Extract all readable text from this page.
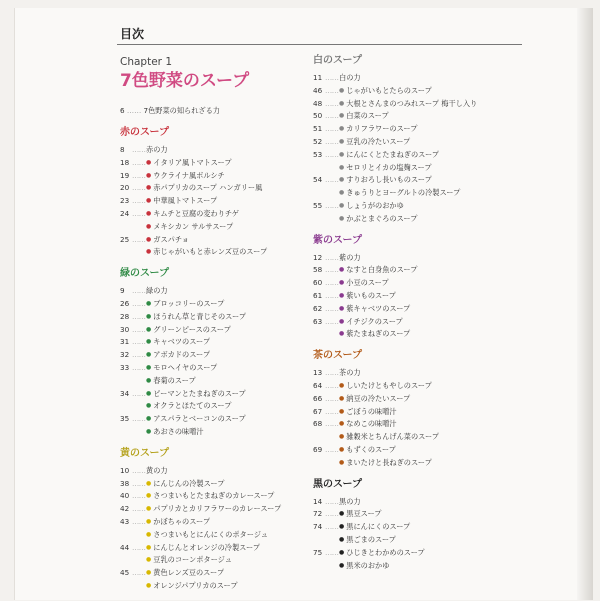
目次
Chapter 1
7色野菜のスープ
6 …… 7色野菜の知られざる力
赤のスープ
8	…… 赤の力
18 …… ● イタリア風トマトスープ
19 …… ● ウクライナ風ボルシチ
20 …… ● 赤パプリカのスープ ハンガリー風
23 …… ● 中華風トマトスープ
24 …… ● キムチと豆腐の変わりチゲ
● メキシカン サルサスープ
25 …… ● ガスパチョ
● 赤じゃがいもと赤レンズ豆のスープ
緑のスープ
9	…… 緑の力
26 …… ● ブロッコリーのスープ
28 …… ● ほうれん草と青じそのスープ
30 …… ● グリーンピースのスープ
31 …… ● キャベツのスープ
32 …… ● アボカドのスープ
33 …… ● モロヘイヤのスープ
● 春菊のスープ
34 …… ● ピーマンとたまねぎのスープ
● オクラとほたてのスープ
35 …… ● アスパラとベーコンのスープ
● あおさの味噌汁
黄のスープ
10 …… 黄の力
38 …… ● にんじんの冷製スープ
40 …… ● さつまいもとたまねぎのカレースープ
42 …… ● パプリカとカリフラワーのカレースープ
43 …… ● かぼちゃのスープ
● さつまいもとにんにくのポタージュ
44 …… ● にんじんとオレンジの冷製スープ
● 豆乳のコーンポタージュ
45 …… ● 黄色レンズ豆のスープ
● オレンジパプリカのスープ
白のスープ
11 …… 白の力
46 …… ● じゃがいもとたらのスープ
48 …… ● 大根とさんまのつみれスープ 梅干し入り
50 …… ● 白菜のスープ
51 …… ● カリフラワーのスープ
52 …… ● 豆乳の冷たいスープ
53 …… ● にんにくとたまねぎのスープ
● セロリとイカの塩麹スープ
54 …… ● すりおろし長いものスープ
● きゅうりとヨーグルトの冷製スープ
55 …… ● しょうがのおかゆ
● かぶとまぐろのスープ
紫のスープ
12 …… 紫の力
58 …… ● なすと白身魚のスープ
60 …… ● 小豆のスープ
61 …… ● 紫いものスープ
62 …… ● 紫キャベツのスープ
63 …… ● イチジクのスープ
● 紫たまねぎのスープ
茶のスープ
13 …… 茶の力
64 …… ● しいたけともやしのスープ
66 …… ● 納豆の冷たいスープ
67 …… ● ごぼうの味噌汁
68 …… ● なめこの味噌汁
● 雑穀米とちんげん菜のスープ
69 …… ● もずくのスープ
● まいたけと長ねぎのスープ
黒のスープ
14 …… 黒の力
72 …… ● 黒豆スープ
74 …… ● 黒にんにくのスープ
● 黒ごまのスープ
75 …… ● ひじきとわかめのスープ
● 黒米のおかゆ
